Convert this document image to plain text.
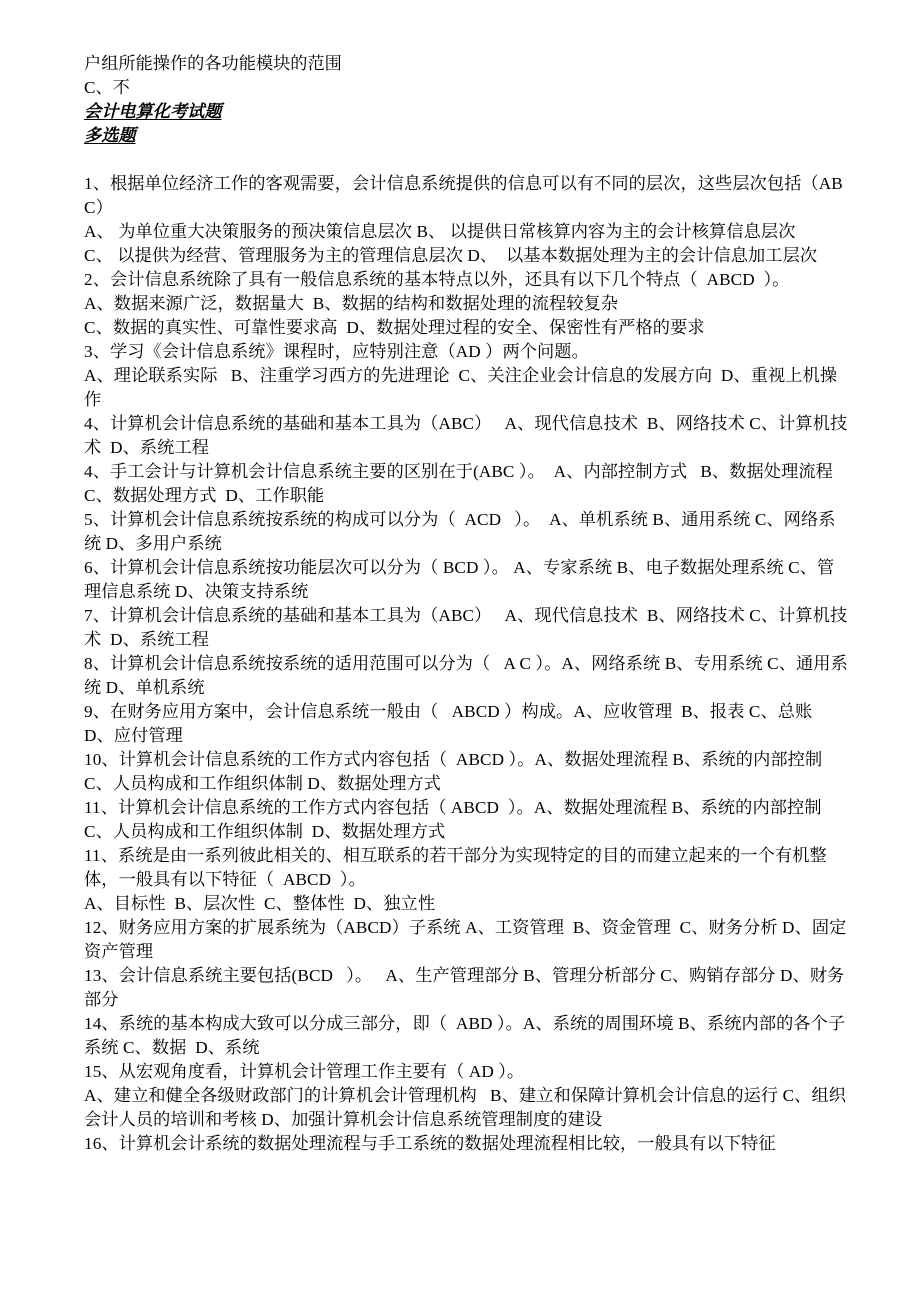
户组所能操作的各功能模块的范围
C、不
会计电算化考试题
多选题
1、根据单位经济工作的客观需要，会计信息系统提供的信息可以有不同的层次，这些层次包括（ABC）
A、 为单位重大决策服务的预决策信息层次 B、 以提供日常核算内容为主的会计核算信息层次
C、 以提供为经营、管理服务为主的管理信息层次 D、  以基本数据处理为主的会计信息加工层次
2、会计信息系统除了具有一般信息系统的基本特点以外，还具有以下几个特点（  ABCD  ）。
A、数据来源广泛，数据量大  B、数据的结构和数据处理的流程较复杂
C、数据的真实性、可靠性要求高  D、数据处理过程的安全、保密性有严格的要求
3、学习《会计信息系统》课程时，应特别注意（AD ）两个问题。
A、理论联系实际   B、注重学习西方的先进理论  C、关注企业会计信息的发展方向  D、重视上机操作
4、计算机会计信息系统的基础和基本工具为（ABC）   A、现代信息技术  B、网络技术 C、计算机技术  D、系统工程
4、手工会计与计算机会计信息系统主要的区别在于(ABC ）。  A、内部控制方式   B、数据处理流程  C、数据处理方式  D、工作职能
5、计算机会计信息系统按系统的构成可以分为（  ACD   ）。  A、单机系统 B、通用系统 C、网络系统 D、多用户系统
6、计算机会计信息系统按功能层次可以分为（ BCD ）。 A、专家系统 B、电子数据处理系统 C、管理信息系统 D、决策支持系统
7、计算机会计信息系统的基础和基本工具为（ABC）   A、现代信息技术  B、网络技术 C、计算机技术  D、系统工程
8、计算机会计信息系统按系统的适用范围可以分为（   A C ）。A、网络系统 B、专用系统 C、通用系统 D、单机系统
9、在财务应用方案中，会计信息系统一般由（   ABCD ）构成。A、应收管理  B、报表 C、总账  D、应付管理
10、计算机会计信息系统的工作方式内容包括（  ABCD ）。A、数据处理流程 B、系统的内部控制 C、人员构成和工作组织体制 D、数据处理方式
11、计算机会计信息系统的工作方式内容包括（ ABCD  ）。A、数据处理流程 B、系统的内部控制  C、人员构成和工作组织体制  D、数据处理方式
11、系统是由一系列彼此相关的、相互联系的若干部分为实现特定的目的而建立起来的一个有机整体，一般具有以下特征（  ABCD  ）。
A、目标性  B、层次性  C、整体性  D、独立性
12、财务应用方案的扩展系统为（ABCD）子系统 A、工资管理  B、资金管理  C、财务分析 D、固定资产管理
13、会计信息系统主要包括(BCD   ）。   A、生产管理部分 B、管理分析部分 C、购销存部分 D、财务部分
14、系统的基本构成大致可以分成三部分，即（  ABD ）。A、系统的周围环境 B、系统内部的各个子系统 C、数据  D、系统
15、从宏观角度看，计算机会计管理工作主要有（ AD ）。
A、建立和健全各级财政部门的计算机会计管理机构   B、建立和保障计算机会计信息的运行 C、组织会计人员的培训和考核 D、加强计算机会计信息系统管理制度的建设
16、计算机会计系统的数据处理流程与手工系统的数据处理流程相比较，一般具有以下特征
